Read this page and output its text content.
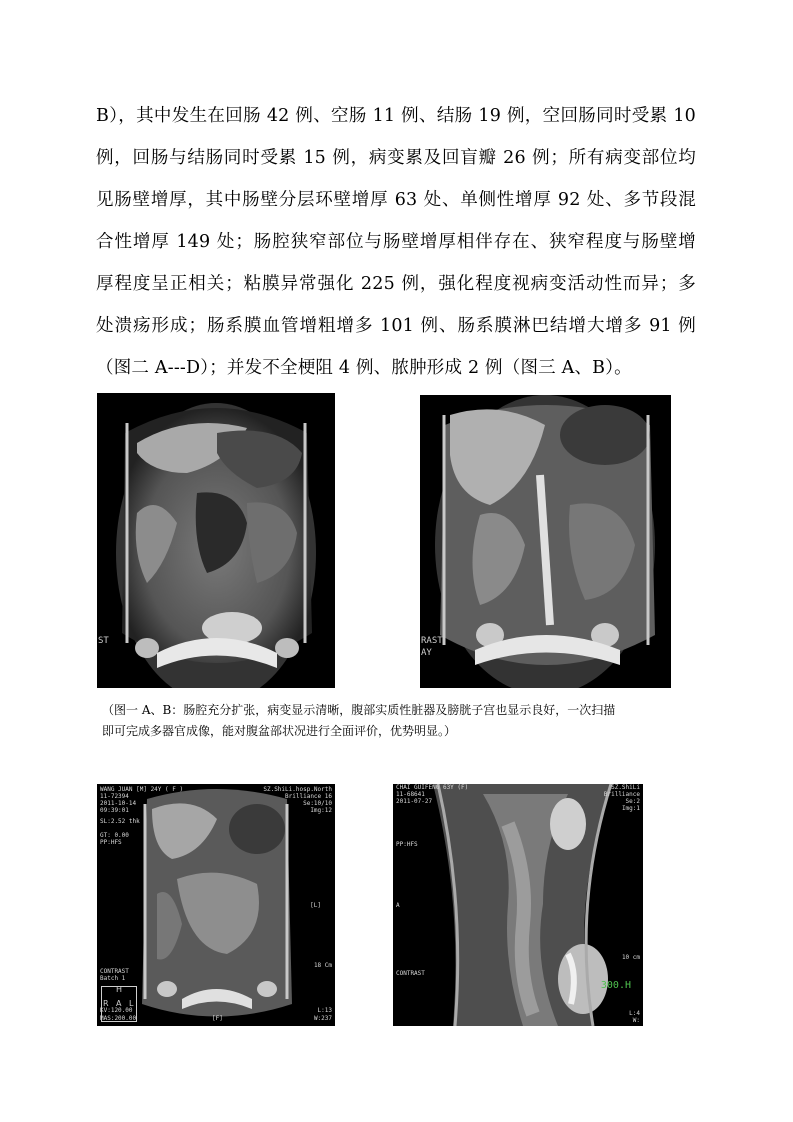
B），其中发生在回肠 42 例、空肠 11 例、结肠 19 例，空回肠同时受累 10
例，回肠与结肠同时受累 15 例，病变累及回盲瓣 26 例；所有病变部位均
见肠壁增厚，其中肠壁分层环壁增厚 63 处、单侧性增厚 92 处、多节段混
合性增厚 149 处；肠腔狭窄部位与肠壁增厚相伴存在、狭窄程度与肠壁增
厚程度呈正相关；粘膜异常强化 225 例，强化程度视病变活动性而异；多
处溃疡形成；肠系膜血管增粗增多 101 例、肠系膜淋巴结增大增多 91 例
（图二 A---D）；并发不全梗阻 4 例、脓肿形成 2 例（图三 A、B）。
ST	RAST
AY
（图一 A、B：肠腔充分扩张，病变显示清晰，腹部实质性脏器及膀胱子宫也显示良好，一次扫描
即可完成多器官成像，能对腹盆部状况进行全面评价，优势明显。）
WANG JUAN [M] 24Y ( F )
11-72394
2011-10-14
09:39:01
SL:2.52 thk
GT: 0.00
PP:HFS
SZ.ShiLi.hosp.North
Brilliance 16
Se:10/10
Img:12
[L]
18 Cm
CONTRAST
Batch 1
H
R A L
KV:120.00
MAS:200.00	[F]
L:13
W:237
CHAI GUIFENG 63Y (F)
11-68641
2011-07-27
SZ.ShiLi
Brilliance
Se:2
Img:1
PP:HFS
A
CONTRAST
10 cm
300.H
L:4
W:
